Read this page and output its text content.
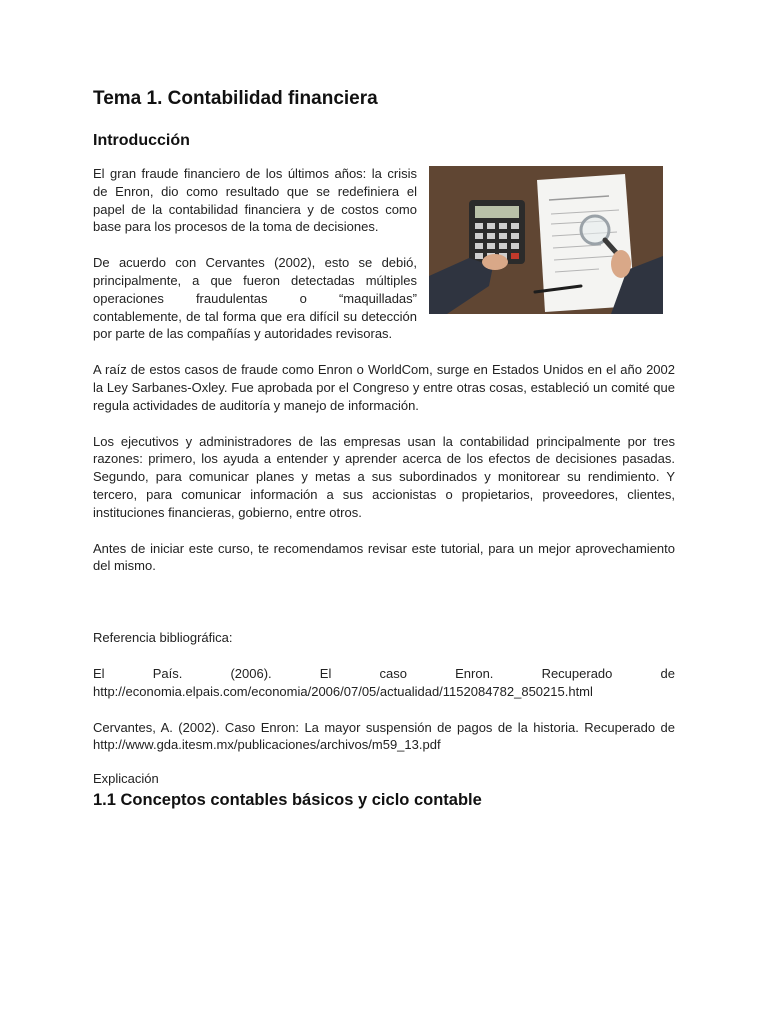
Tema 1. Contabilidad financiera
Introducción

El gran fraude financiero de los últimos años: la crisis de Enron, dio como resultado que se redefiniera el papel de la contabilidad financiera y de costos como base para los procesos de la toma de decisiones.

De acuerdo con Cervantes (2002), esto se debió, principalmente, a que fueron detectadas múltiples operaciones fraudulentas o “maquilladas” contablemente, de tal forma que era difícil su detección por parte de las compañías y autoridades revisoras.

A raíz de estos casos de fraude como Enron o WorldCom, surge en Estados Unidos en el año 2002 la Ley Sarbanes-Oxley. Fue aprobada por el Congreso y entre otras cosas, estableció un comité que regula actividades de auditoría y manejo de información.

Los ejecutivos y administradores de las empresas usan la contabilidad principalmente por tres razones: primero, los ayuda a entender y aprender acerca de los efectos de decisiones pasadas. Segundo, para comunicar planes y metas a sus subordinados y monitorear su rendimiento. Y tercero, para comunicar información a sus accionistas o propietarios, proveedores, clientes, instituciones financieras, gobierno, entre otros.

Antes de iniciar este curso, te recomendamos revisar este tutorial, para un mejor aprovechamiento del mismo.

Referencia bibliográfica:

El País. (2006). El caso Enron. Recuperado de

http://economia.elpais.com/economia/2006/07/05/actualidad/1152084782_850215.html

Cervantes, A. (2002). Caso Enron: La mayor suspensión de pagos de la historia. Recuperado de http://www.gda.itesm.mx/publicaciones/archivos/m59_13.pdf

Explicación
1.1 Conceptos contables básicos y ciclo contable
